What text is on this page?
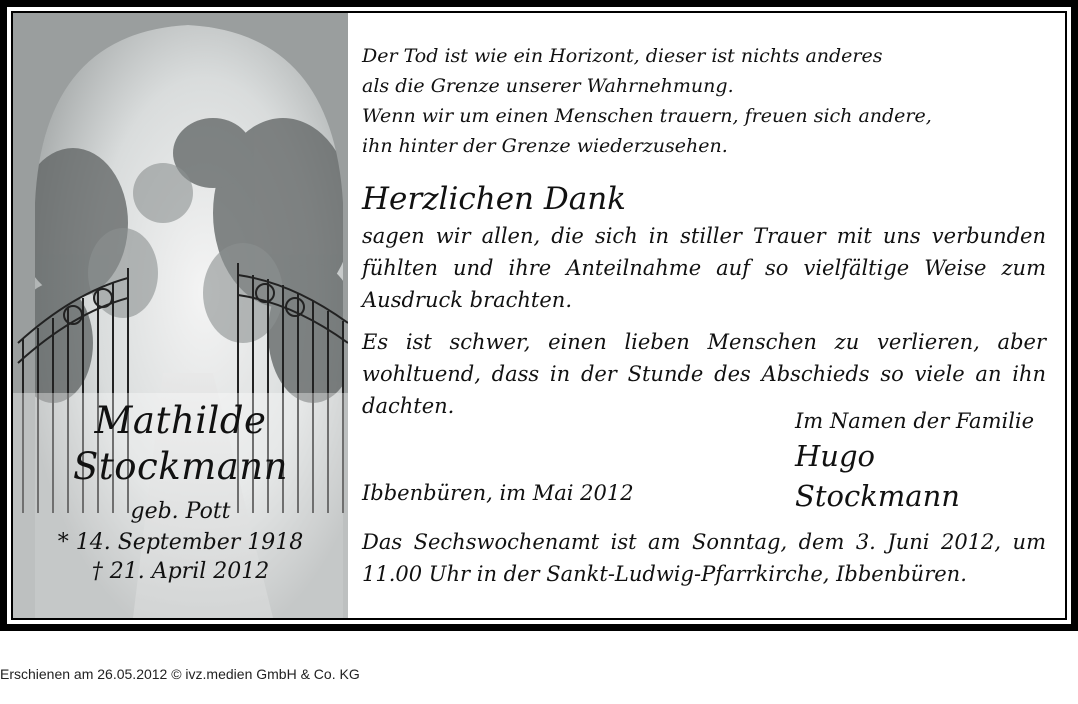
Mathilde
Stockmann
geb. Pott
* 14. September 1918
† 21. April 2012
Der Tod ist wie ein Horizont, dieser ist nichts anderes
als die Grenze unserer Wahrnehmung.
Wenn wir um einen Menschen trauern, freuen sich andere,
ihn hinter der Grenze wiederzusehen.
Herzlichen Dank
sagen wir allen, die sich in stiller Trauer mit uns verbunden fühlten und ihre Anteilnahme auf so vielfältige Weise zum Ausdruck brachten.
Es ist schwer, einen lieben Menschen zu verlieren, aber wohltuend, dass in der Stunde des Abschieds so viele an ihn dachten.
Im Namen der Familie
Hugo Stockmann
Ibbenbüren, im Mai 2012
Das Sechswochenamt ist am Sonntag, dem 3. Juni 2012, um 11.00 Uhr in der Sankt-Ludwig-Pfarrkirche, Ibbenbüren.
Erschienen am 26.05.2012 © ivz.medien GmbH & Co. KG
